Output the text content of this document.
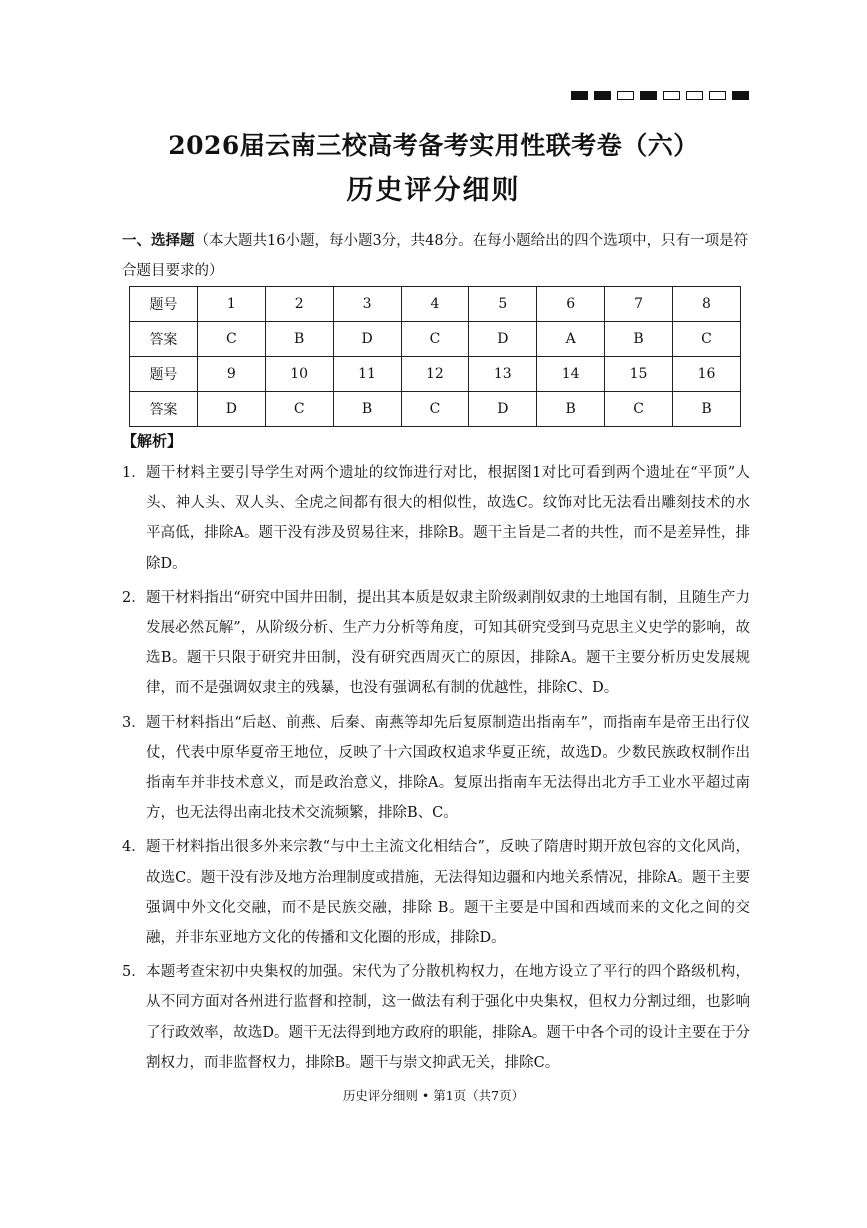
2026届云南三校高考备考实用性联考卷（六）
历史评分细则
一、选择题（本大题共16小题，每小题3分，共48分。在每小题给出的四个选项中，只有一项是符合题目要求的）
题号	1	2	3	4	5	6	7	8
答案	C	B	D	C	D	A	B	C
题号	9	10	11	12	13	14	15	16
答案	D	C	B	C	D	B	C	B
【解析】
1． 题干材料主要引导学生对两个遗址的纹饰进行对比，根据图1对比可看到两个遗址在“平顶”人头、神人头、双人头、全虎之间都有很大的相似性，故选C。纹饰对比无法看出雕刻技术的水平高低，排除A。题干没有涉及贸易往来，排除B。题干主旨是二者的共性，而不是差异性，排除D。
2． 题干材料指出“研究中国井田制，提出其本质是奴隶主阶级剥削奴隶的土地国有制，且随生产力发展必然瓦解”，从阶级分析、生产力分析等角度，可知其研究受到马克思主义史学的影响，故选B。题干只限于研究井田制，没有研究西周灭亡的原因，排除A。题干主要分析历史发展规律，而不是强调奴隶主的残暴，也没有强调私有制的优越性，排除C、D。
3． 题干材料指出“后赵、前燕、后秦、南燕等却先后复原制造出指南车”，而指南车是帝王出行仪仗，代表中原华夏帝王地位，反映了十六国政权追求华夏正统，故选D。少数民族政权制作出指南车并非技术意义，而是政治意义，排除A。复原出指南车无法得出北方手工业水平超过南方，也无法得出南北技术交流频繁，排除B、C。
4． 题干材料指出很多外来宗教“与中土主流文化相结合”，反映了隋唐时期开放包容的文化风尚，故选C。题干没有涉及地方治理制度或措施，无法得知边疆和内地关系情况，排除A。题干主要强调中外文化交融，而不是民族交融，排除 B。题干主要是中国和西域而来的文化之间的交融，并非东亚地方文化的传播和文化圈的形成，排除D。
5． 本题考查宋初中央集权的加强。宋代为了分散机构权力，在地方设立了平行的四个路级机构，从不同方面对各州进行监督和控制，这一做法有利于强化中央集权，但权力分割过细，也影响了行政效率，故选D。题干无法得到地方政府的职能，排除A。题干中各个司的设计主要在于分割权力，而非监督权力，排除B。题干与崇文抑武无关，排除C。
历史评分细则 • 第1页（共7页）
